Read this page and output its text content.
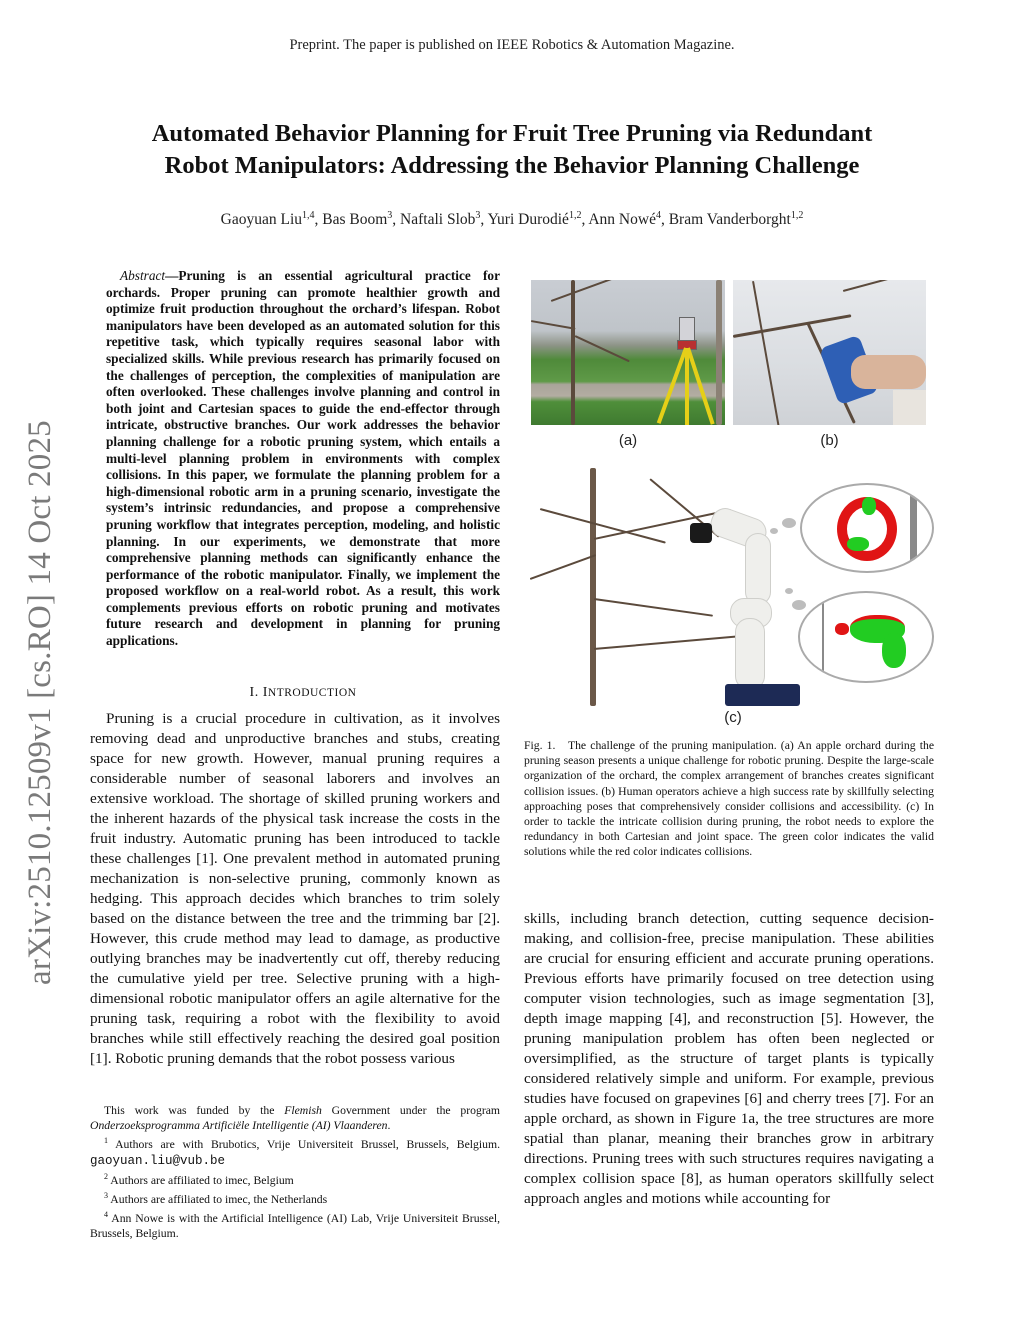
Preprint. The paper is published on IEEE Robotics & Automation Magazine.
arXiv:2510.12509v1 [cs.RO] 14 Oct 2025
Automated Behavior Planning for Fruit Tree Pruning via Redundant
Robot Manipulators: Addressing the Behavior Planning Challenge
Gaoyuan Liu$^{1,4}$, Bas Boom$^3$, Naftali Slob$^3$, Yuri Durodié$^{1,2}$, Ann Nowé$^4$, Bram Vanderborght$^{1,2}$
Abstract—Pruning is an essential agricultural practice for orchards. Proper pruning can promote healthier growth and optimize fruit production throughout the orchard’s lifespan. Robot manipulators have been developed as an automated solution for this repetitive task, which typically requires seasonal labor with specialized skills. While previous research has primarily focused on the challenges of perception, the complexities of manipulation are often overlooked. These challenges involve planning and control in both joint and Cartesian spaces to guide the end-effector through intricate, obstructive branches. Our work addresses the behavior planning challenge for a robotic pruning system, which entails a multi-level planning problem in environments with complex collisions. In this paper, we formulate the planning problem for a high-dimensional robotic arm in a pruning scenario, investigate the system’s intrinsic redundancies, and propose a comprehensive pruning workflow that integrates perception, modeling, and holistic planning. In our experiments, we demonstrate that more comprehensive planning methods can significantly enhance the performance of the robotic manipulator. Finally, we implement the proposed workflow on a real-world robot. As a result, this work complements previous efforts on robotic pruning and motivates future research and development in planning for pruning applications.
I. INTRODUCTION

Pruning is a crucial procedure in cultivation, as it involves removing dead and unproductive branches and stubs, creating space for new growth. However, manual pruning requires a considerable number of seasonal laborers and involves an extensive workload. The shortage of skilled pruning workers and the inherent hazards of the physical task increase the costs in the fruit industry. Automatic pruning has been introduced to tackle these challenges [1]. One prevalent method in automated pruning mechanization is non-selective pruning, commonly known as hedging. This approach decides which branches to trim solely based on the distance between the tree and the trimming bar [2]. However, this crude method may lead to damage, as productive outlying branches may be inadvertently cut off, thereby reducing the cumulative yield per tree. Selective pruning with a high-dimensional robotic manipulator offers an agile alternative for the pruning task, requiring a robot with the flexibility to avoid branches while still effectively reaching the desired goal position [1]. Robotic pruning demands that the robot possess various

This work was funded by the Flemish Government under the program Onderzoeksprogramma Artificiële Intelligentie (AI) Vlaanderen.

$^1$ Authors are with Brubotics, Vrije Universiteit Brussel, Brussels, Belgium. gaoyuan.liu@vub.be

$^2$ Authors are affiliated to imec, Belgium

$^3$ Authors are affiliated to imec, the Netherlands

$^4$ Ann Nowe is with the Artificial Intelligence (AI) Lab, Vrije Universiteit Brussel, Brussels, Belgium.

(a)	(b)
(c)
Fig. 1. The challenge of the pruning manipulation. (a) An apple orchard during the pruning season presents a unique challenge for robotic pruning. Despite the large-scale organization of the orchard, the complex arrangement of branches creates significant collision issues. (b) Human operators achieve a high success rate by skillfully selecting approaching poses that comprehensively consider collisions and accessibility. (c) In order to tackle the intricate collision during pruning, the robot needs to explore the redundancy in both Cartesian and joint space. The green color indicates the valid solutions while the red color indicates collisions.

skills, including branch detection, cutting sequence decision-making, and collision-free, precise manipulation. These abilities are crucial for ensuring efficient and accurate pruning operations. Previous efforts have primarily focused on tree detection using computer vision technologies, such as image segmentation [3], depth image mapping [4], and reconstruction [5]. However, the pruning manipulation problem has often been neglected or oversimplified, as the structure of target plants is typically considered relatively simple and uniform. For example, previous studies have focused on grapevines [6] and cherry trees [7]. For an apple orchard, as shown in Figure 1a, the tree structures are more spatial than planar, meaning their branches grow in arbitrary directions. Pruning trees with such structures requires navigating a complex collision space [8], as human operators skillfully select approach angles and motions while accounting for
